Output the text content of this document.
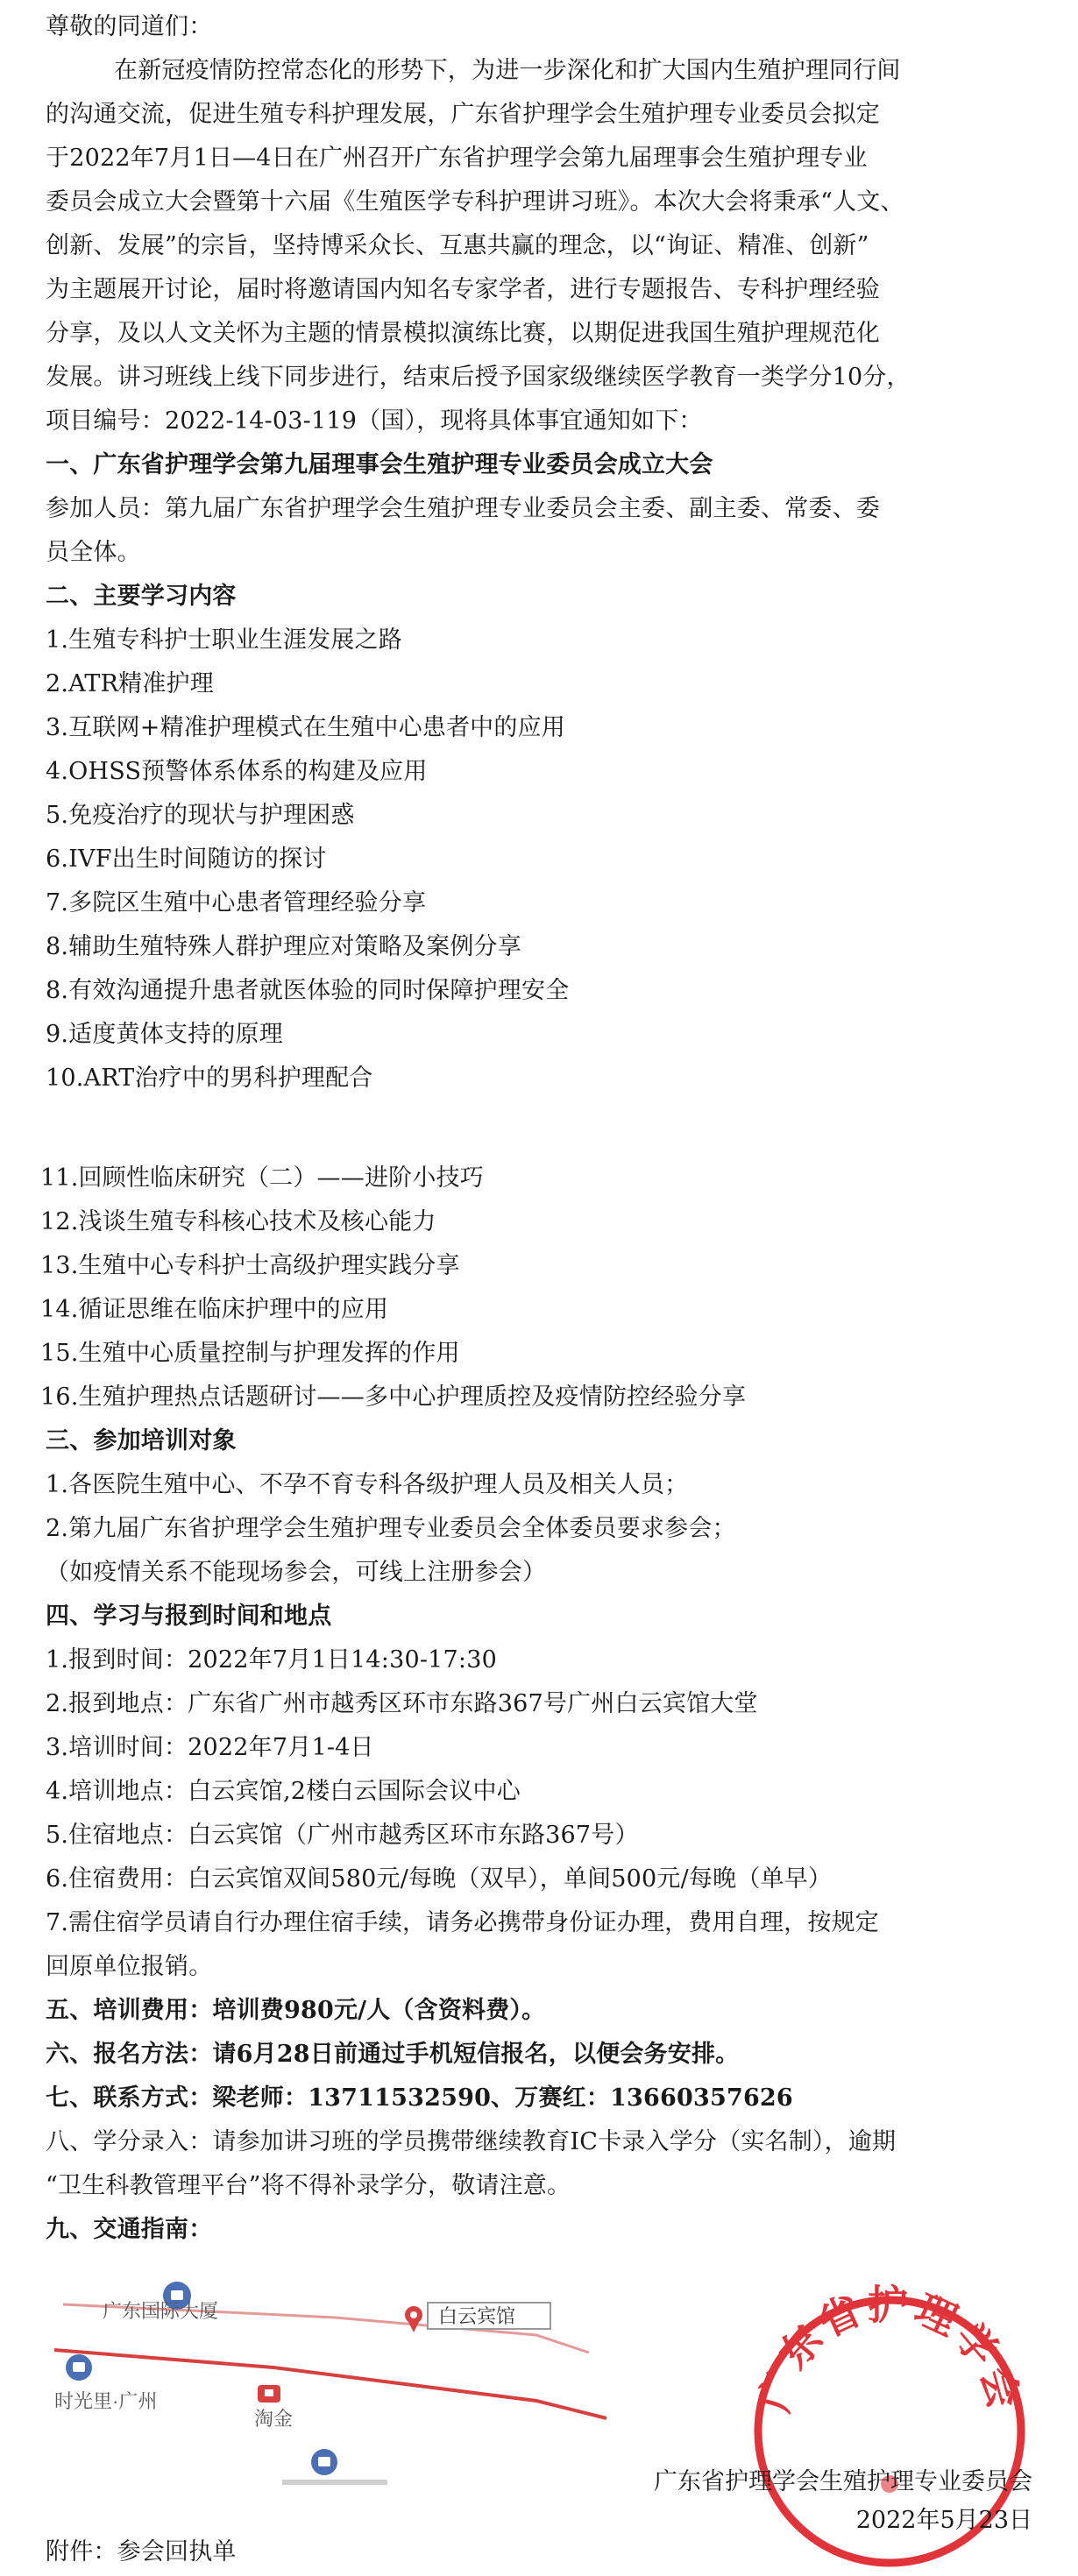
尊敬的同道们：
在新冠疫情防控常态化的形势下，为进一步深化和扩大国内生殖护理同行间
的沟通交流，促进生殖专科护理发展，广东省护理学会生殖护理专业委员会拟定
于2022年7月1日—4日在广州召开广东省护理学会第九届理事会生殖护理专业
委员会成立大会暨第十六届《生殖医学专科护理讲习班》。本次大会将秉承“人文、
创新、发展”的宗旨，坚持博采众长、互惠共赢的理念，以“询证、精准、创新”
为主题展开讨论，届时将邀请国内知名专家学者，进行专题报告、专科护理经验
分享，及以人文关怀为主题的情景模拟演练比赛，以期促进我国生殖护理规范化
发展。讲习班线上线下同步进行，结束后授予国家级继续医学教育一类学分10分，
项目编号：2022-14-03-119（国），现将具体事宜通知如下：
一、广东省护理学会第九届理事会生殖护理专业委员会成立大会
参加人员：第九届广东省护理学会生殖护理专业委员会主委、副主委、常委、委
员全体。
二、主要学习内容
1.生殖专科护士职业生涯发展之路
2.ATR精准护理
3.互联网+精准护理模式在生殖中心患者中的应用
4.OHSS预警体系体系的构建及应用
5.免疫治疗的现状与护理困惑
6.IVF出生时间随访的探讨
7.多院区生殖中心患者管理经验分享
8.辅助生殖特殊人群护理应对策略及案例分享
8.有效沟通提升患者就医体验的同时保障护理安全
9.适度黄体支持的原理
10.ART治疗中的男科护理配合
11.回顾性临床研究（二）——进阶小技巧
12.浅谈生殖专科核心技术及核心能力
13.生殖中心专科护士高级护理实践分享
14.循证思维在临床护理中的应用
15.生殖中心质量控制与护理发挥的作用
16.生殖护理热点话题研讨——多中心护理质控及疫情防控经验分享
三、参加培训对象
1.各医院生殖中心、不孕不育专科各级护理人员及相关人员；
2.第九届广东省护理学会生殖护理专业委员会全体委员要求参会；
（如疫情关系不能现场参会，可线上注册参会）
四、学习与报到时间和地点
1.报到时间：2022年7月1日14:30-17:30
2.报到地点：广东省广州市越秀区环市东路367号广州白云宾馆大堂
3.培训时间：2022年7月1-4日
4.培训地点：白云宾馆,2楼白云国际会议中心
5.住宿地点：白云宾馆（广州市越秀区环市东路367号）
6.住宿费用：白云宾馆双间580元/每晚（双早），单间500元/每晚（单早）
7.需住宿学员请自行办理住宿手续，请务必携带身份证办理，费用自理，按规定
回原单位报销。
五、培训费用：培训费980元/人（含资料费）。
六、报名方法：请6月28日前通过手机短信报名，以便会务安排。
七、联系方式：梁老师：13711532590、万赛红：13660357626
八、学分录入：请参加讲习班的学员携带继续教育IC卡录入学分（实名制），逾期
“卫生科教管理平台”将不得补录学分，敬请注意。
九、交通指南：
广东国际大厦	白云宾馆
时光里·广州
淘金
广东省护理学会
广东省护理学会生殖护理专业委员会
2022年5月23日
附件：参会回执单
